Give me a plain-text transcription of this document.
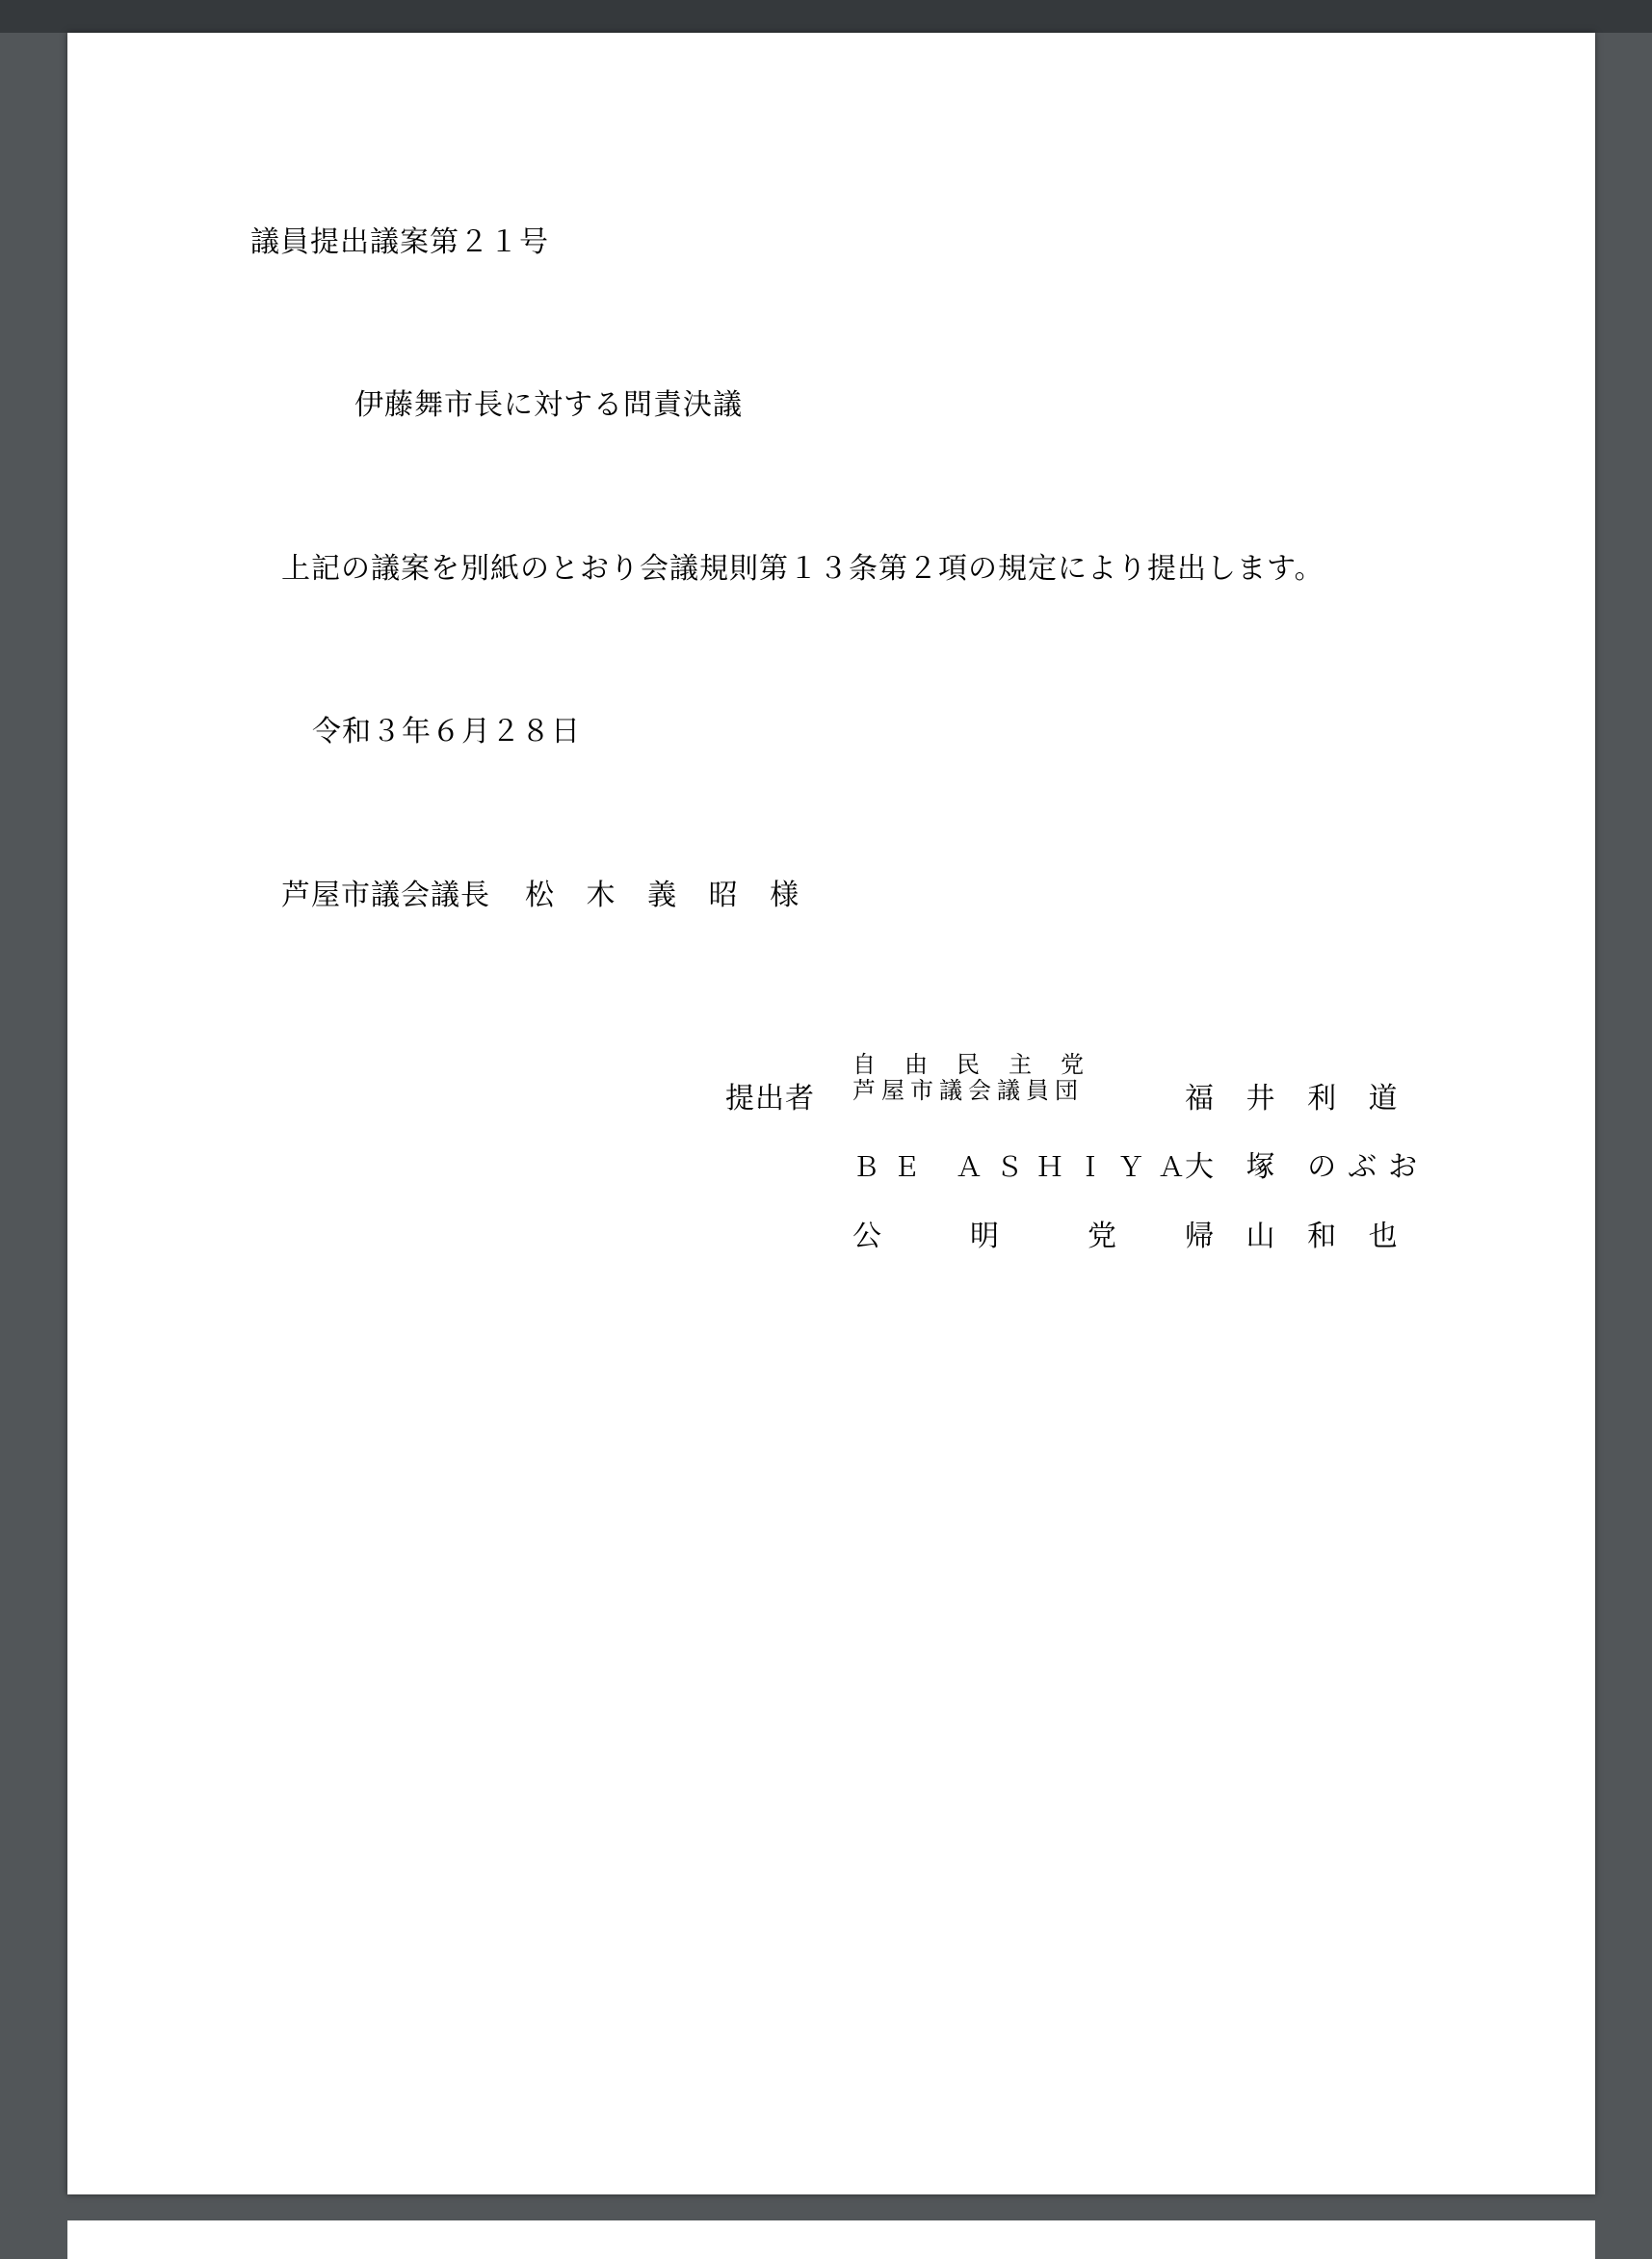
議員提出議案第２１号
伊藤舞市長に対する問責決議
上記の議案を別紙のとおり会議規則第１３条第２項の規定により提出します。
令和３年６月２８日
芦屋市議会議長 松 木 義 昭 様
提出者
自由民主党
芦屋市議会議員団	福 井 利 道
ＢＥ ＡＳＨＩＹＡ
大 塚 のぶお
公明党
帰 山 和 也
